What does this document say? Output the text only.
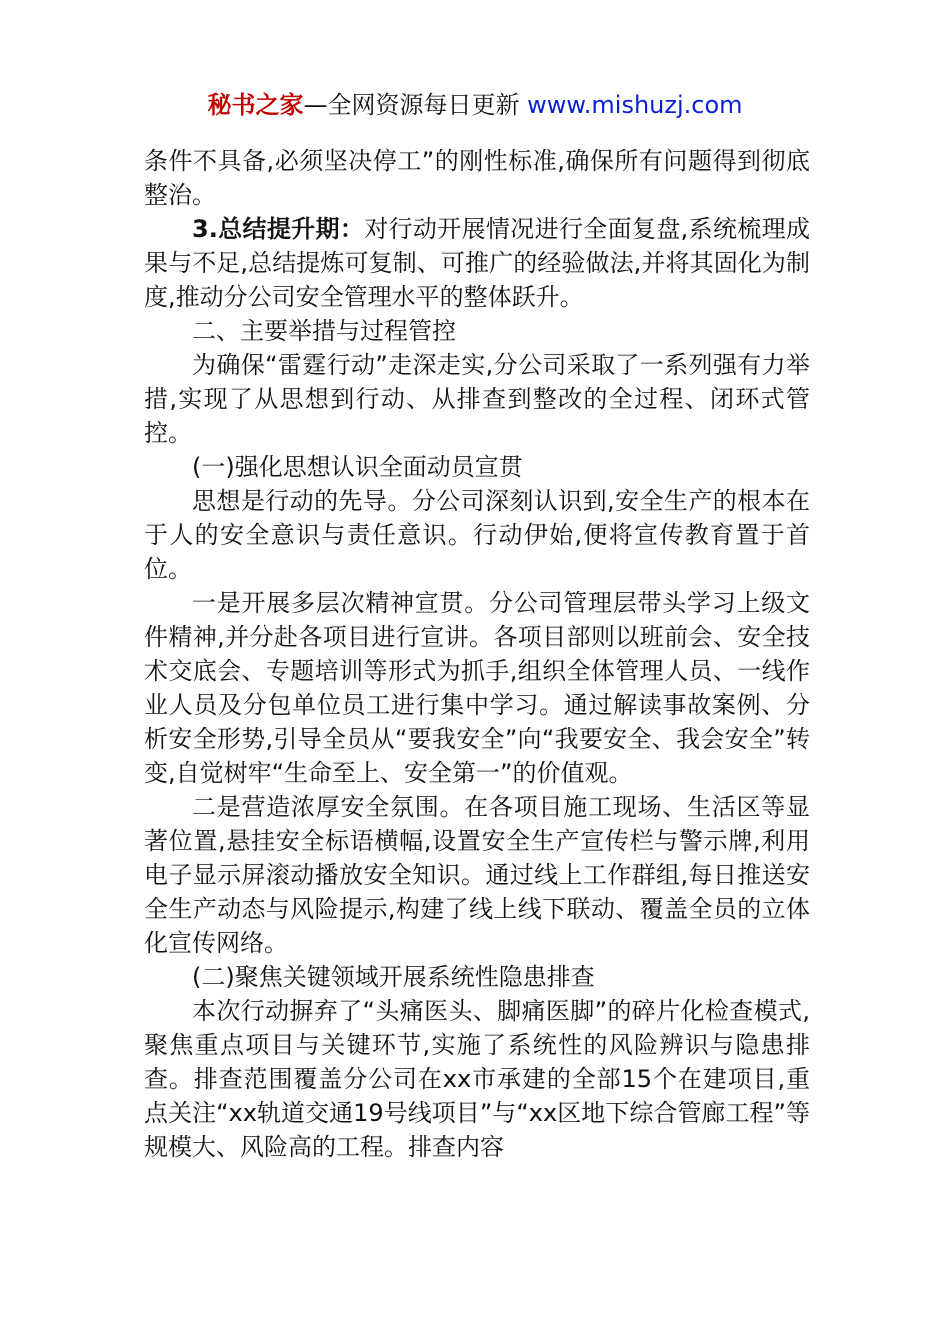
秘书之家—全网资源每日更新 www.mishuzj.com

条件不具备,必须坚决停工”的刚性标准,确保所有问题得到彻底整治。

3.总结提升期：对行动开展情况进行全面复盘,系统梳理成果与不足,总结提炼可复制、可推广的经验做法,并将其固化为制度,推动分公司安全管理水平的整体跃升。

二、主要举措与过程管控

为确保“雷霆行动”走深走实,分公司采取了一系列强有力举措,实现了从思想到行动、从排查到整改的全过程、闭环式管控。

(一)强化思想认识全面动员宣贯

思想是行动的先导。分公司深刻认识到,安全生产的根本在于人的安全意识与责任意识。行动伊始,便将宣传教育置于首位。

一是开展多层次精神宣贯。分公司管理层带头学习上级文件精神,并分赴各项目进行宣讲。各项目部则以班前会、安全技术交底会、专题培训等形式为抓手,组织全体管理人员、一线作业人员及分包单位员工进行集中学习。通过解读事故案例、分析安全形势,引导全员从“要我安全”向“我要安全、我会安全”转变,自觉树牢“生命至上、安全第一”的价值观。

二是营造浓厚安全氛围。在各项目施工现场、生活区等显著位置,悬挂安全标语横幅,设置安全生产宣传栏与警示牌,利用电子显示屏滚动播放安全知识。通过线上工作群组,每日推送安全生产动态与风险提示,构建了线上线下联动、覆盖全员的立体化宣传网络。

(二)聚焦关键领域开展系统性隐患排查

本次行动摒弃了“头痛医头、脚痛医脚”的碎片化检查模式,聚焦重点项目与关键环节,实施了系统性的风险辨识与隐患排查。排查范围覆盖分公司在xx市承建的全部15个在建项目,重点关注“xx轨道交通19号线项目”与“xx区地下综合管廊工程”等规模大、风险高的工程。排查内容
